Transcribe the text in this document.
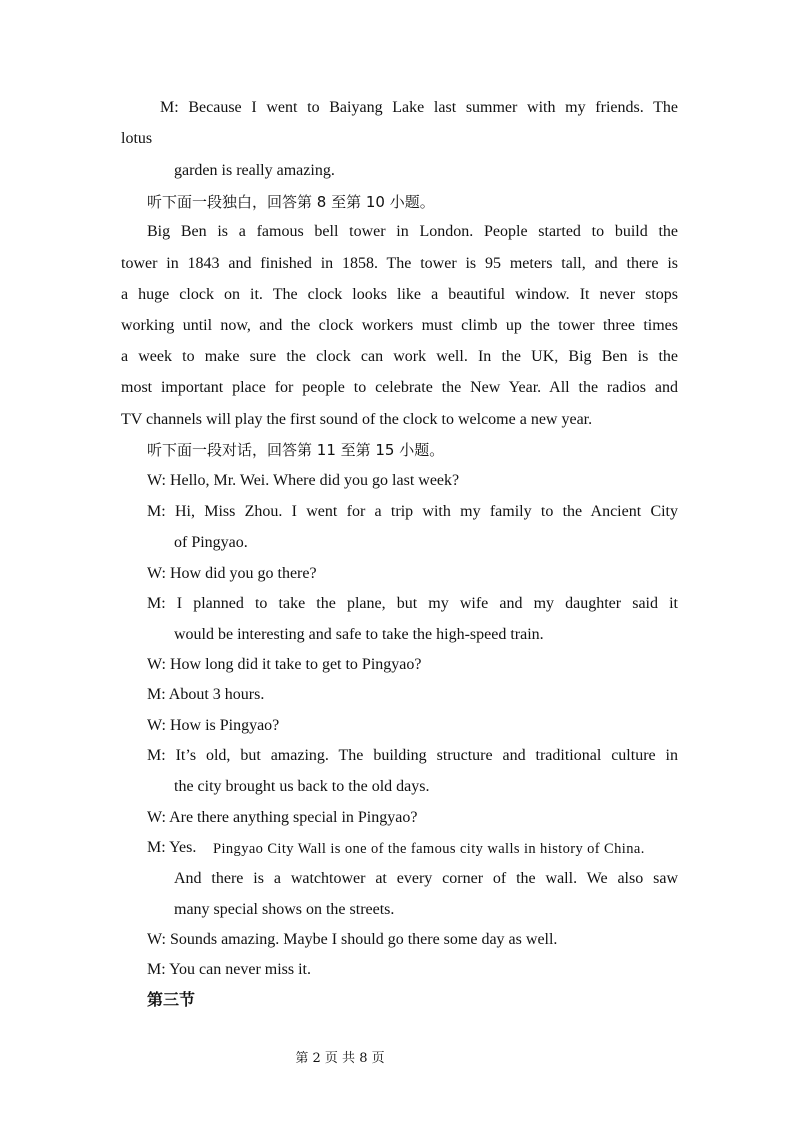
M: Because I went to Baiyang Lake last summer with my friends. The
lotus
garden is really amazing.
听下面一段独白，回答第 8 至第 10 小题。
Big Ben is a famous bell tower in London. People started to build the
tower in 1843 and finished in 1858. The tower is 95 meters tall, and there is
a huge clock on it. The clock looks like a beautiful window. It never stops
working until now, and the clock workers must climb up the tower three times
a week to make sure the clock can work well. In the UK, Big Ben is the
most important place for people to celebrate the New Year. All the radios and
TV channels will play the first sound of the clock to welcome a new year.
听下面一段对话，回答第 11 至第 15 小题。
W: Hello, Mr. Wei. Where did you go last week?
M: Hi, Miss Zhou. I went for a trip with my family to the Ancient City
of Pingyao.
W: How did you go there?
M: I planned to take the plane, but my wife and my daughter said it
would be interesting and safe to take the high-speed train.
W: How long did it take to get to Pingyao?
M: About 3 hours.
W: How is Pingyao?
M: It’s old, but amazing. The building structure and traditional culture in
the city brought us back to the old days.
W: Are there anything special in Pingyao?
M: Yes. Pingyao City Wall is one of the famous city walls in history of China.
And there is a watchtower at every corner of the wall. We also saw
many special shows on the streets.
W: Sounds amazing. Maybe I should go there some day as well.
M: You can never miss it.
第三节
第 2 页 共 8 页
